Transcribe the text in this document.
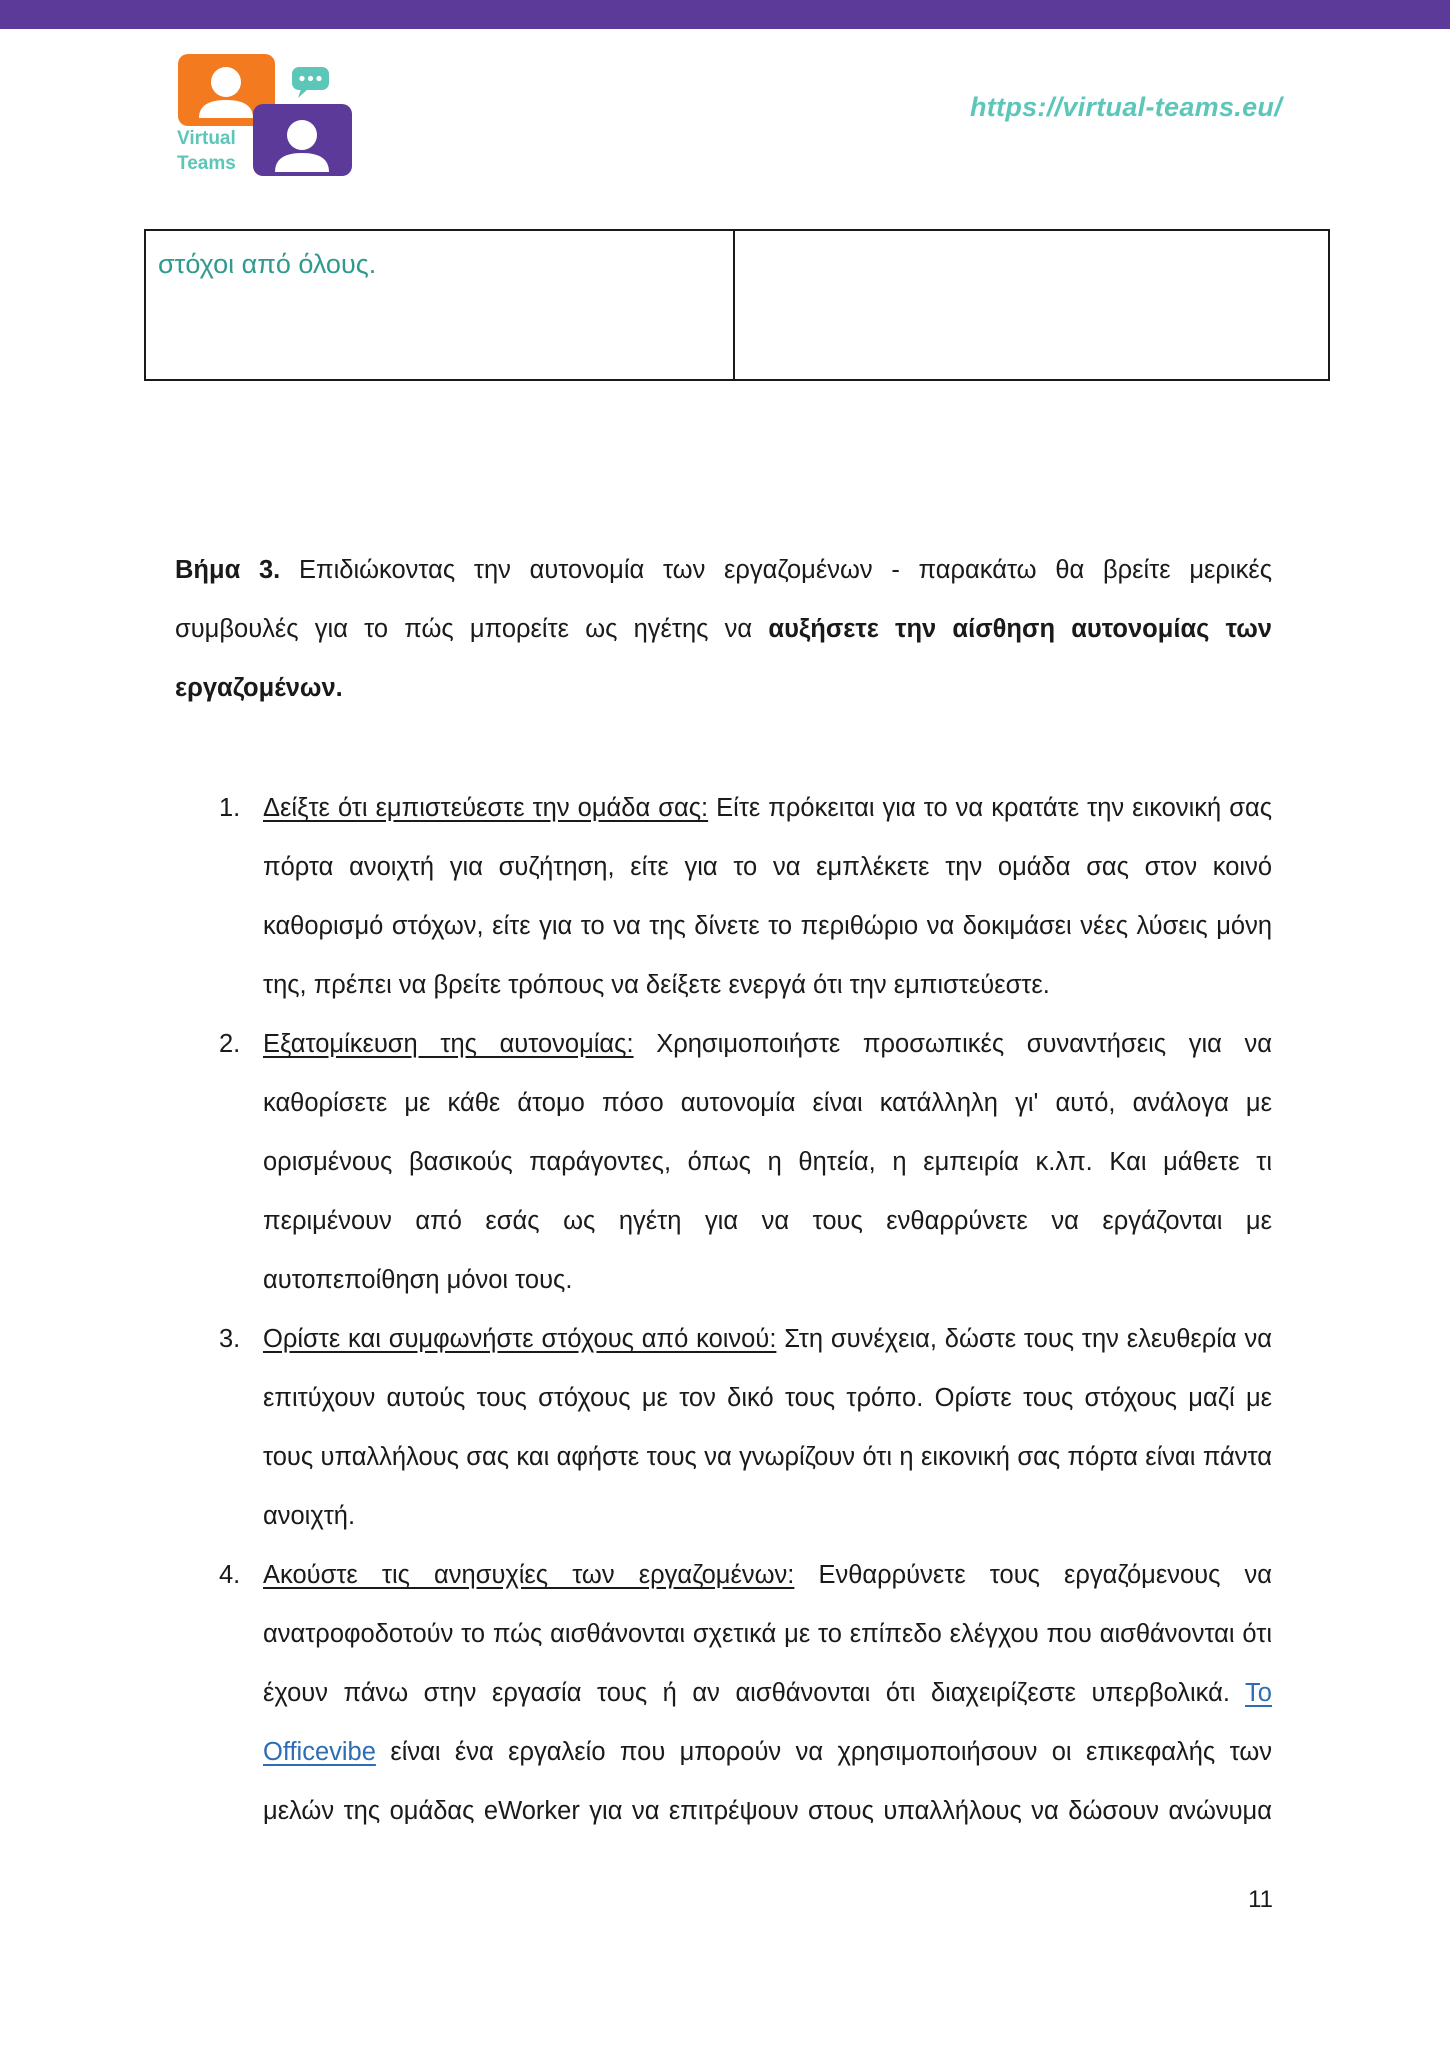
Virtual
Teams
https://virtual-teams.eu/
στόχοι από όλους.

Βήμα 3. Επιδιώκοντας την αυτονομία των εργαζομένων - παρακάτω θα βρείτε μερικές συμβουλές για το πώς μπορείτε ως ηγέτης να αυξήσετε την αίσθηση αυτονομίας των εργαζομένων.

1. Δείξτε ότι εμπιστεύεστε την ομάδα σας: Είτε πρόκειται για το να κρατάτε την εικονική σας πόρτα ανοιχτή για συζήτηση, είτε για το να εμπλέκετε την ομάδα σας στον κοινό καθορισμό στόχων, είτε για το να της δίνετε το περιθώριο να δοκιμάσει νέες λύσεις μόνη της, πρέπει να βρείτε τρόπους να δείξετε ενεργά ότι την εμπιστεύεστε.
2. Εξατομίκευση της αυτονομίας: Χρησιμοποιήστε προσωπικές συναντήσεις για να καθορίσετε με κάθε άτομο πόσο αυτονομία είναι κατάλληλη γι' αυτό, ανάλογα με ορισμένους βασικούς παράγοντες, όπως η θητεία, η εμπειρία κ.λπ. Και μάθετε τι περιμένουν από εσάς ως ηγέτη για να τους ενθαρρύνετε να εργάζονται με αυτοπεποίθηση μόνοι τους.
3. Ορίστε και συμφωνήστε στόχους από κοινού: Στη συνέχεια, δώστε τους την ελευθερία να επιτύχουν αυτούς τους στόχους με τον δικό τους τρόπο. Ορίστε τους στόχους μαζί με τους υπαλλήλους σας και αφήστε τους να γνωρίζουν ότι η εικονική σας πόρτα είναι πάντα ανοιχτή.
4. Ακούστε τις ανησυχίες των εργαζομένων: Ενθαρρύνετε τους εργαζόμενους να ανατροφοδοτούν το πώς αισθάνονται σχετικά με το επίπεδο ελέγχου που αισθάνονται ότι έχουν πάνω στην εργασία τους ή αν αισθάνονται ότι διαχειρίζεστε υπερβολικά. Το Officevibe είναι ένα εργαλείο που μπορούν να χρησιμοποιήσουν οι επικεφαλής των μελών της ομάδας eWorker για να επιτρέψουν στους υπαλλήλους να δώσουν ανώνυμα
11
